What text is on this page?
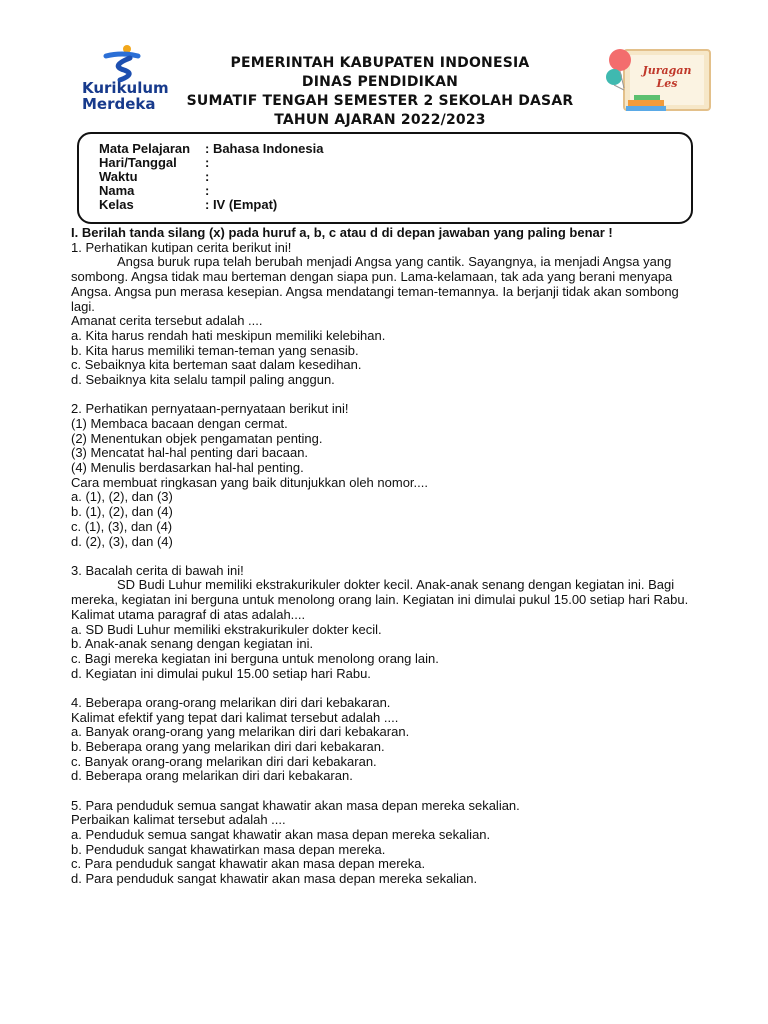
Kurikulum
Merdeka
PEMERINTAH KABUPATEN INDONESIA
DINAS PENDIDIKAN
SUMATIF TENGAH SEMESTER 2 SEKOLAH DASAR
TAHUN AJARAN 2022/2023
Juragan
Les
Mata Pelajaran : Bahasa Indonesia
Hari/Tanggal :
Waktu	:
Nama	:
Kelas	: IV (Empat)

I. Berilah tanda silang (x) pada huruf a, b, c atau d di depan jawaban yang paling benar !

1. Perhatikan kutipan cerita berikut ini!

Angsa buruk rupa telah berubah menjadi Angsa yang cantik. Sayangnya, ia menjadi Angsa yang sombong. Angsa tidak mau berteman dengan siapa pun. Lama-kelamaan, tak ada yang berani menyapa Angsa. Angsa pun merasa kesepian. Angsa mendatangi teman-temannya. Ia berjanji tidak akan sombong lagi.

Amanat cerita tersebut adalah ....

a. Kita harus rendah hati meskipun memiliki kelebihan.

b. Kita harus memiliki teman-teman yang senasib.

c. Sebaiknya kita berteman saat dalam kesedihan.

d. Sebaiknya kita selalu tampil paling anggun.

2. Perhatikan pernyataan-pernyataan berikut ini!

(1) Membaca bacaan dengan cermat.

(2) Menentukan objek pengamatan penting.

(3) Mencatat hal-hal penting dari bacaan.

(4) Menulis berdasarkan hal-hal penting.

Cara membuat ringkasan yang baik ditunjukkan oleh nomor....

a. (1), (2), dan (3)

b. (1), (2), dan (4)

c. (1), (3), dan (4)

d. (2), (3), dan (4)

3. Bacalah cerita di bawah ini!

SD Budi Luhur memiliki ekstrakurikuler dokter kecil. Anak-anak senang dengan kegiatan ini. Bagi mereka, kegiatan ini berguna untuk menolong orang lain. Kegiatan ini dimulai pukul 15.00 setiap hari Rabu.

Kalimat utama paragraf di atas adalah....

a. SD Budi Luhur memiliki ekstrakurikuler dokter kecil.

b. Anak-anak senang dengan kegiatan ini.

c. Bagi mereka kegiatan ini berguna untuk menolong orang lain.

d. Kegiatan ini dimulai pukul 15.00 setiap hari Rabu.

4. Beberapa orang-orang melarikan diri dari kebakaran.

Kalimat efektif yang tepat dari kalimat tersebut adalah ....

a. Banyak orang-orang yang melarikan diri dari kebakaran.

b. Beberapa orang yang melarikan diri dari kebakaran.

c. Banyak orang-orang melarikan diri dari kebakaran.

d. Beberapa orang melarikan diri dari kebakaran.

5. Para penduduk semua sangat khawatir akan masa depan mereka sekalian.

Perbaikan kalimat tersebut adalah ....

a. Penduduk semua sangat khawatir akan masa depan mereka sekalian.

b. Penduduk sangat khawatirkan masa depan mereka.

c. Para penduduk sangat khawatir akan masa depan mereka.

d. Para penduduk sangat khawatir akan masa depan mereka sekalian.
